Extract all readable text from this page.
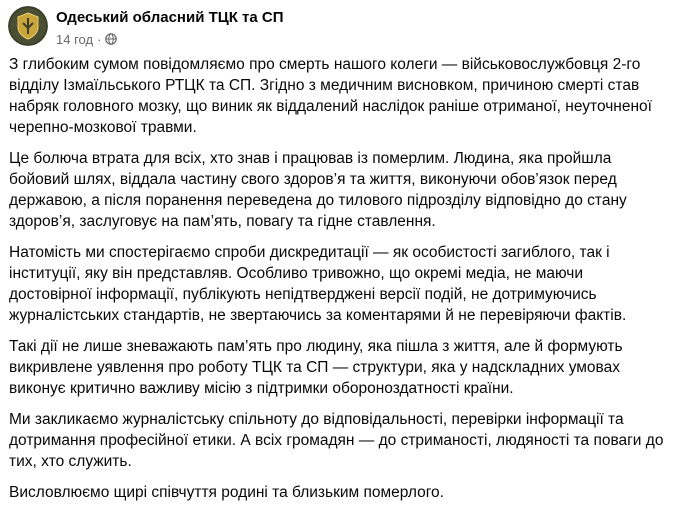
Одеський обласний ТЦК та СП
14 год ·

З глибоким сумом повідомляємо про смерть нашого колеги — військовослужбовця 2-го відділу Ізмаїльського РТЦК та СП. Згідно з медичним висновком, причиною смерті став набряк головного мозку, що виник як віддалений наслідок раніше отриманої, неуточненої черепно-мозкової травми.

Це болюча втрата для всіх, хто знав і працював із померлим. Людина, яка пройшла бойовий шлях, віддала частину свого здоров’я та життя, виконуючи обов’язок перед державою, а після поранення переведена до тилового підрозділу відповідно до стану здоров’я, заслуговує на пам’ять, повагу та гідне ставлення.

Натомість ми спостерігаємо спроби дискредитації — як особистості загиблого, так і інституції, яку він представляв. Особливо тривожно, що окремі медіа, не маючи достовірної інформації, публікують непідтверджені версії подій, не дотримуючись журналістських стандартів, не звертаючись за коментарями й не перевіряючи фактів.

Такі дії не лише зневажають пам’ять про людину, яка пішла з життя, але й формують викривлене уявлення про роботу ТЦК та СП — структури, яка у надскладних умовах виконує критично важливу місію з підтримки обороноздатності країни.

Ми закликаємо журналістську спільноту до відповідальності, перевірки інформації та дотримання професійної етики. А всіх громадян — до стриманості, людяності та поваги до тих, хто служить.

Висловлюємо щирі співчуття родині та близьким померлого.
